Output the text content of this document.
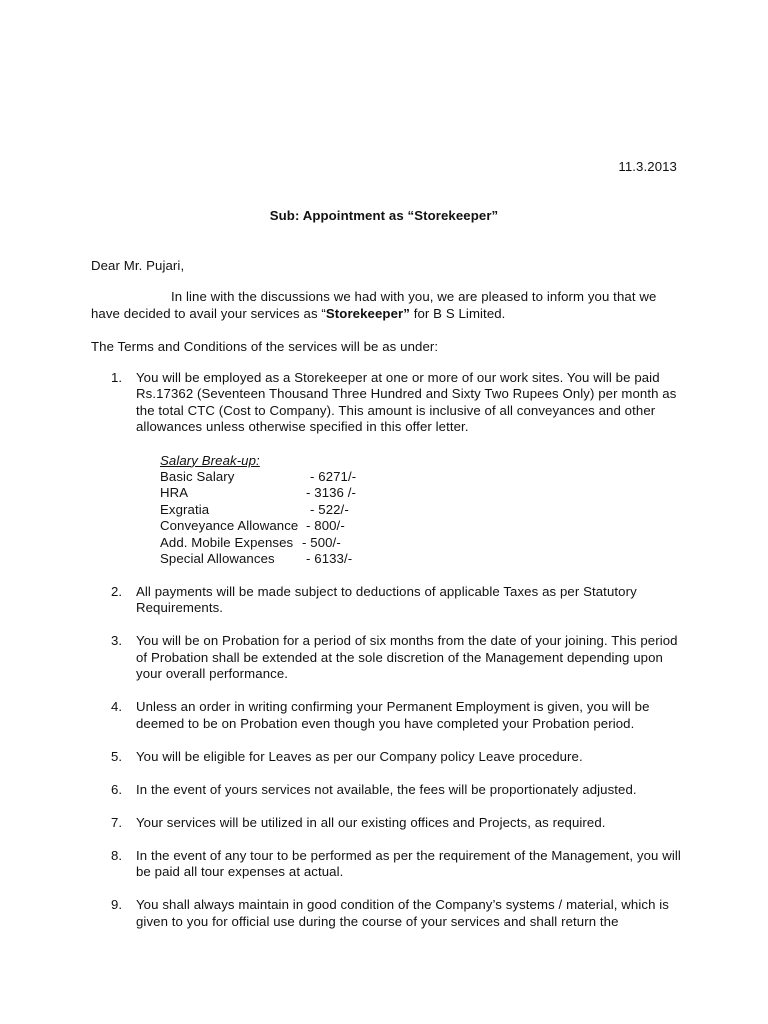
11.3.2013
Sub: Appointment as “Storekeeper”
Dear Mr. Pujari,
In line with the discussions we had with you, we are pleased to inform you that we have decided to avail your services as “Storekeeper” for B S Limited.
The Terms and Conditions of the services will be as under:
1. You will be employed as a Storekeeper at one or more of our work sites. You will be paid Rs.17362 (Seventeen Thousand Three Hundred and Sixty Two Rupees Only) per month as the total CTC (Cost to Company). This amount is inclusive of all conveyances and other allowances unless otherwise specified in this offer letter.
Salary Break-up:
Basic Salary	- 6271/-
HRA	- 3136 /-
Exgratia	- 522/-
Conveyance Allowance - 800/-
Add. Mobile Expenses - 500/-
Special Allowances - 6133/-
2. All payments will be made subject to deductions of applicable Taxes as per Statutory Requirements.
3. You will be on Probation for a period of six months from the date of your joining. This period of Probation shall be extended at the sole discretion of the Management depending upon your overall performance.
4. Unless an order in writing confirming your Permanent Employment is given, you will be deemed to be on Probation even though you have completed your Probation period.
5. You will be eligible for Leaves as per our Company policy Leave procedure.
6. In the event of yours services not available, the fees will be proportionately adjusted.
7. Your services will be utilized in all our existing offices and Projects, as required.
8. In the event of any tour to be performed as per the requirement of the Management, you will be paid all tour expenses at actual.
9. You shall always maintain in good condition of the Company’s systems / material, which is given to you for official use during the course of your services and shall return the
